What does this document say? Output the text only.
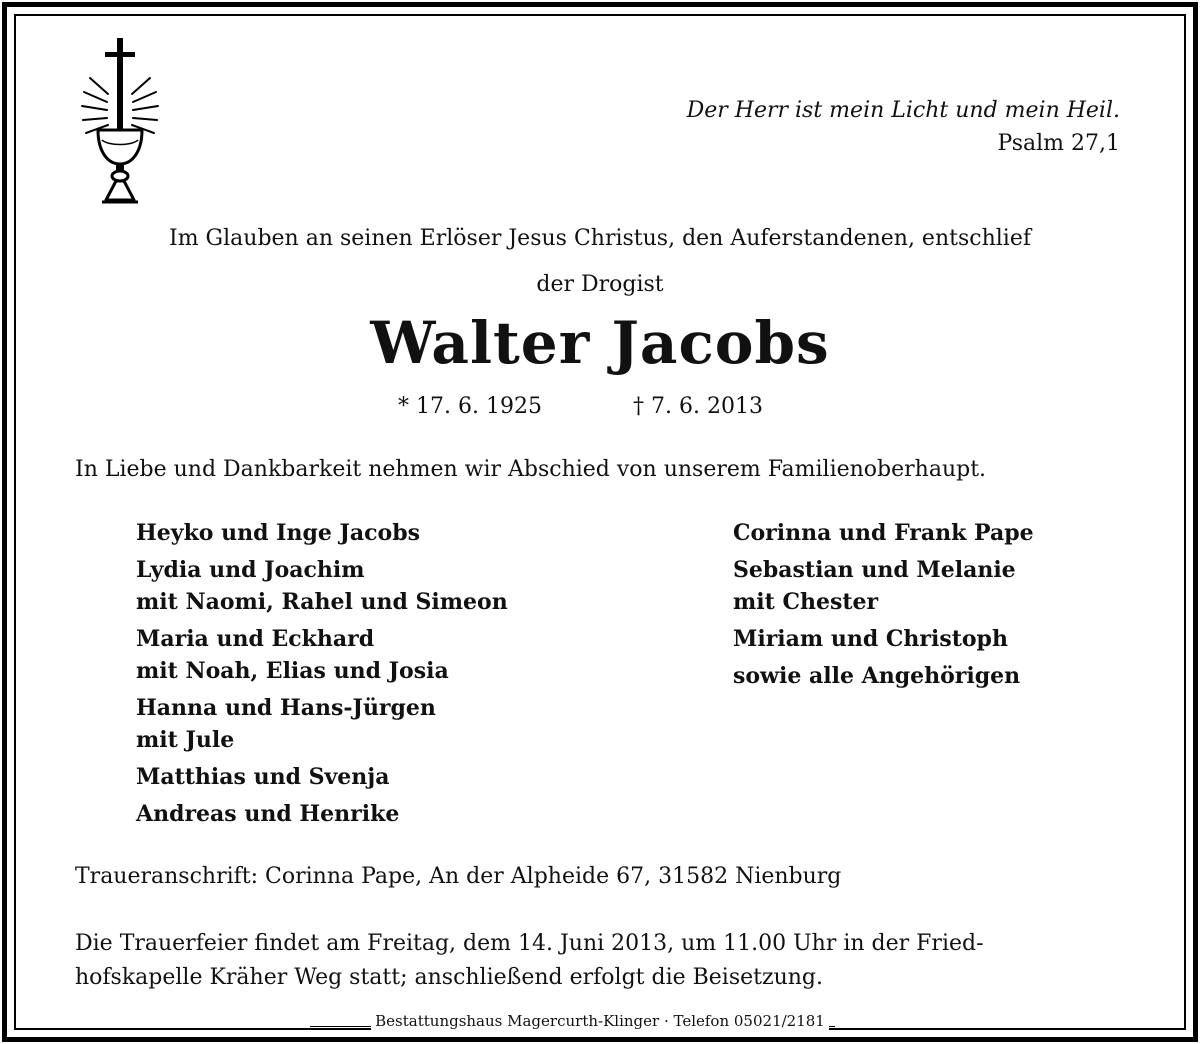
Der Herr ist mein Licht und mein Heil.

Psalm 27,1

Im Glauben an seinen Erlöser Jesus Christus, den Auferstandenen, entschlief

der Drogist

Walter Jacobs

* 17. 6. 1925	† 7. 6. 2013

In Liebe und Dankbarkeit nehmen wir Abschied von unserem Familienoberhaupt.

Heyko und Inge Jacobs
Lydia und Joachim
mit Naomi, Rahel und Simeon
Maria und Eckhard
mit Noah, Elias und Josia
Hanna und Hans-Jürgen
mit Jule
Matthias und Svenja
Andreas und Henrike
Corinna und Frank Pape
Sebastian und Melanie
mit Chester
Miriam und Christoph
sowie alle Angehörigen

Traueranschrift: Corinna Pape, An der Alpheide 67, 31582 Nienburg

Die Trauerfeier findet am Freitag, dem 14. Juni 2013, um 11.00 Uhr in der Fried-
hofskapelle Kräher Weg statt; anschließend erfolgt die Beisetzung.

Bestattungshaus Magercurth-Klinger · Telefon 05021/2181
